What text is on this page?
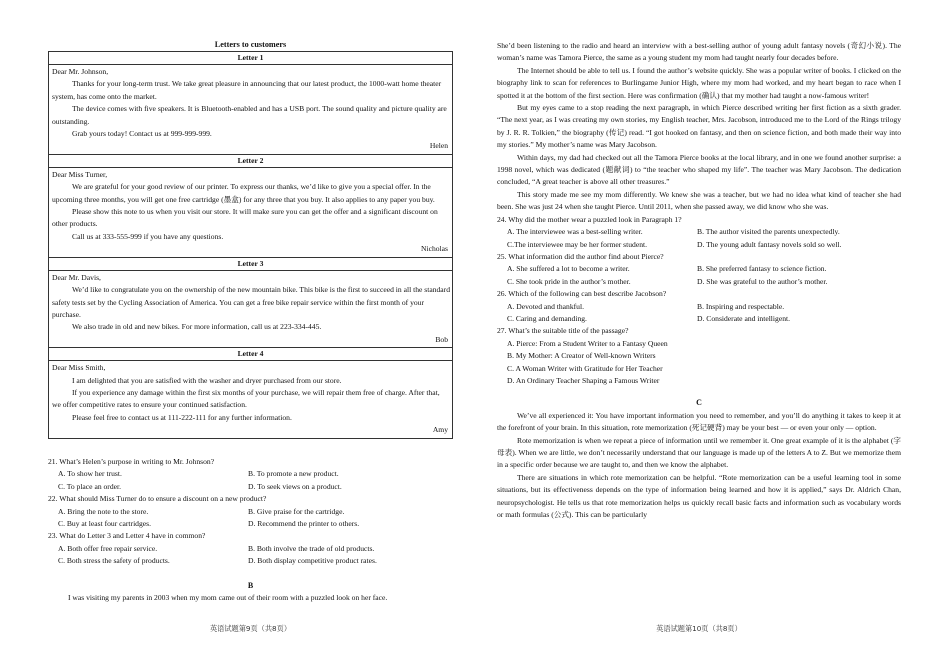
Letters to customers
Letter 1

Dear Mr. Johnson,

Thanks for your long-term trust. We take great pleasure in announcing that our latest product, the 1000-watt home theater system, has come onto the market.

The device comes with five speakers. It is Bluetooth-enabled and has a USB port. The sound quality and picture quality are outstanding.

Grab yours today! Contact us at 999-999-999.

Helen

Letter 2

Dear Miss Turner,

We are grateful for your good review of our printer. To express our thanks, we’d like to give you a special offer. In the upcoming three months, you will get one free cartridge (墨盒) for any three that you buy. It also applies to any paper you buy.

Please show this note to us when you visit our store. It will make sure you can get the offer and a significant discount on other products.

Call us at 333-555-999 if you have any questions.

Nicholas

Letter 3

Dear Mr. Davis,

We’d like to congratulate you on the ownership of the new mountain bike. This bike is the first to succeed in all the standard safety tests set by the Cycling Association of America. You can get a free bike repair service within the first month of your purchase.

We also trade in old and new bikes. For more information, call us at 223-334-445.

Bob

Letter 4

Dear Miss Smith,

I am delighted that you are satisfied with the washer and dryer purchased from our store.

If you experience any damage within the first six months of your purchase, we will repair them free of charge. After that, we offer competitive rates to ensure your continued satisfaction.

Please feel free to contact us at 111-222-111 for any further information.

Amy

21. What’s Helen’s purpose in writing to Mr. Johnson?

A. To show her trust.	B. To promote a new product.
C. To place an order.	D. To seek views on a product.

22. What should Miss Turner do to ensure a discount on a new product?

A. Bring the note to the store.	B. Give praise for the cartridge.
C. Buy at least four cartridges.	D. Recommend the printer to others.

23. What do Letter 3 and Letter 4 have in common?

A. Both offer free repair service.	B. Both involve the trade of old products.
C. Both stress the safety of products.	D. Both display competitive product rates.

B

I was visiting my parents in 2003 when my mom came out of their room with a puzzled look on her face.

英语试题第9页（共8页）

She’d been listening to the radio and heard an interview with a best-selling author of young adult fantasy novels (奇幻小说). The woman’s name was Tamora Pierce, the same as a young student my mom had taught nearly four decades before.

The Internet should be able to tell us. I found the author’s website quickly. She was a popular writer of books. I clicked on the biography link to scan for references to Burlingame Junior High, where my mom had worked, and my heart began to race when I spotted it at the bottom of the first section. Here was confirmation (确认) that my mother had taught a now-famous writer!

But my eyes came to a stop reading the next paragraph, in which Pierce described writing her first fiction as a sixth grader. “The next year, as I was creating my own stories, my English teacher, Mrs. Jacobson, introduced me to the Lord of the Rings trilogy by J. R. R. Tolkien,” the biography (传记) read. “I got hooked on fantasy, and then on science fiction, and both made their way into my stories.” My mother’s name was Mary Jacobson.

Within days, my dad had checked out all the Tamora Pierce books at the local library, and in one we found another surprise: a 1998 novel, which was dedicated (题献词) to “the teacher who shaped my life”. The teacher was Mary Jacobson. The dedication concluded, “A great teacher is above all other treasures.”

This story made me see my mom differently. We knew she was a teacher, but we had no idea what kind of teacher she had been. She was just 24 when she taught Pierce. Until 2011, when she passed away, we did know who she was.

24. Why did the mother wear a puzzled look in Paragraph 1?

A. The interviewee was a best-selling writer.	B. The author visited the parents unexpectedly.
C.The interviewee may be her former student.	D. The young adult fantasy novels sold so well.

25. What information did the author find about Pierce?

A. She suffered a lot to become a writer.	B. She preferred fantasy to science fiction.
C. She took pride in the author’s mother.	D. She was grateful to the author’s mother.

26. Which of the following can best describe Jacobson?

A. Devoted and thankful.	B. Inspiring and respectable.
C. Caring and demanding.	D. Considerate and intelligent.

27. What’s the suitable title of the passage?

A. Pierce: From a Student Writer to a Fantasy Queen

B. My Mother: A Creator of Well-known Writers

C. A Woman Writer with Gratitude for Her Teacher

D. An Ordinary Teacher Shaping a Famous Writer

C

We’ve all experienced it: You have important information you need to remember, and you’ll do anything it takes to keep it at the forefront of your brain. In this situation, rote memorization (死记硬背) may be your best — or even your only — option.

Rote memorization is when we repeat a piece of information until we remember it. One great example of it is the alphabet (字母表). When we are little, we don’t necessarily understand that our language is made up of the letters A to Z. But we memorize them in a specific order because we are taught to, and then we know the alphabet.

There are situations in which rote memorization can be helpful. “Rote memorization can be a useful learning tool in some situations, but its effectiveness depends on the type of information being learned and how it is applied,” says Dr. Aldrich Chan, neuropsychologist. He tells us that rote memorization helps us quickly recall basic facts and information such as vocabulary words or math formulas (公式). This can be particularly

英语试题第10页（共8页）
